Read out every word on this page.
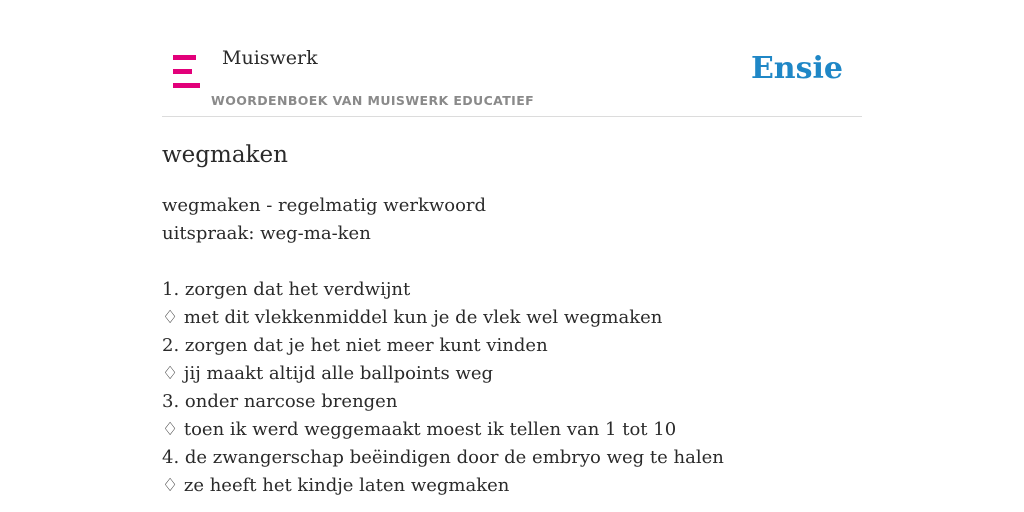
Muiswerk
WOORDENBOEK VAN MUISWERK EDUCATIEF
Ensie
wegmaken
wegmaken - regelmatig werkwoord
uitspraak: weg-ma-ken
1. zorgen dat het verdwijnt
♢ met dit vlekkenmiddel kun je de vlek wel wegmaken
2. zorgen dat je het niet meer kunt vinden
♢ jij maakt altijd alle ballpoints weg
3. onder narcose brengen
♢ toen ik werd weggemaakt moest ik tellen van 1 tot 10
4. de zwangerschap beëindigen door de embryo weg te halen
♢ ze heeft het kindje laten wegmaken
